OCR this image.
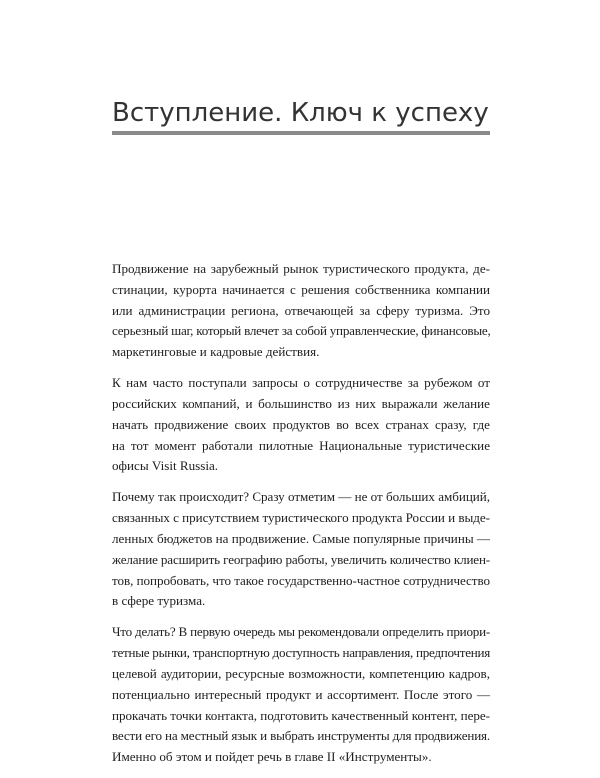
Вступление. Ключ к успеху

Продвижение на зарубежный рынок туристического продукта, де-
стинации, курорта начинается с решения собственника компании
или администрации региона, отвечающей за сферу туризма. Это
серьезный шаг, который влечет за собой управленческие, финансовые,
маркетинговые и кадровые действия.

К нам часто поступали запросы о сотрудничестве за рубежом от
российских компаний, и большинство из них выражали желание
начать продвижение своих продуктов во всех странах сразу, где
на тот момент работали пилотные Национальные туристические
офисы Visit Russia.

Почему так происходит? Сразу отметим — не от больших амбиций,
связанных с присутствием туристического продукта России и выде-
ленных бюджетов на продвижение. Самые популярные причины —
желание расширить географию работы, увеличить количество клиен-
тов, попробовать, что такое государственно-частное сотрудничество
в сфере туризма.

Что делать? В первую очередь мы рекомендовали определить приори-
тетные рынки, транспортную доступность направления, предпочтения
целевой аудитории, ресурсные возможности, компетенцию кадров,
потенциально интересный продукт и ассортимент. После этого —
прокачать точки контакта, подготовить качественный контент, пере-
вести его на местный язык и выбрать инструменты для продвижения.
Именно об этом и пойдет речь в главе II «Инструменты».
